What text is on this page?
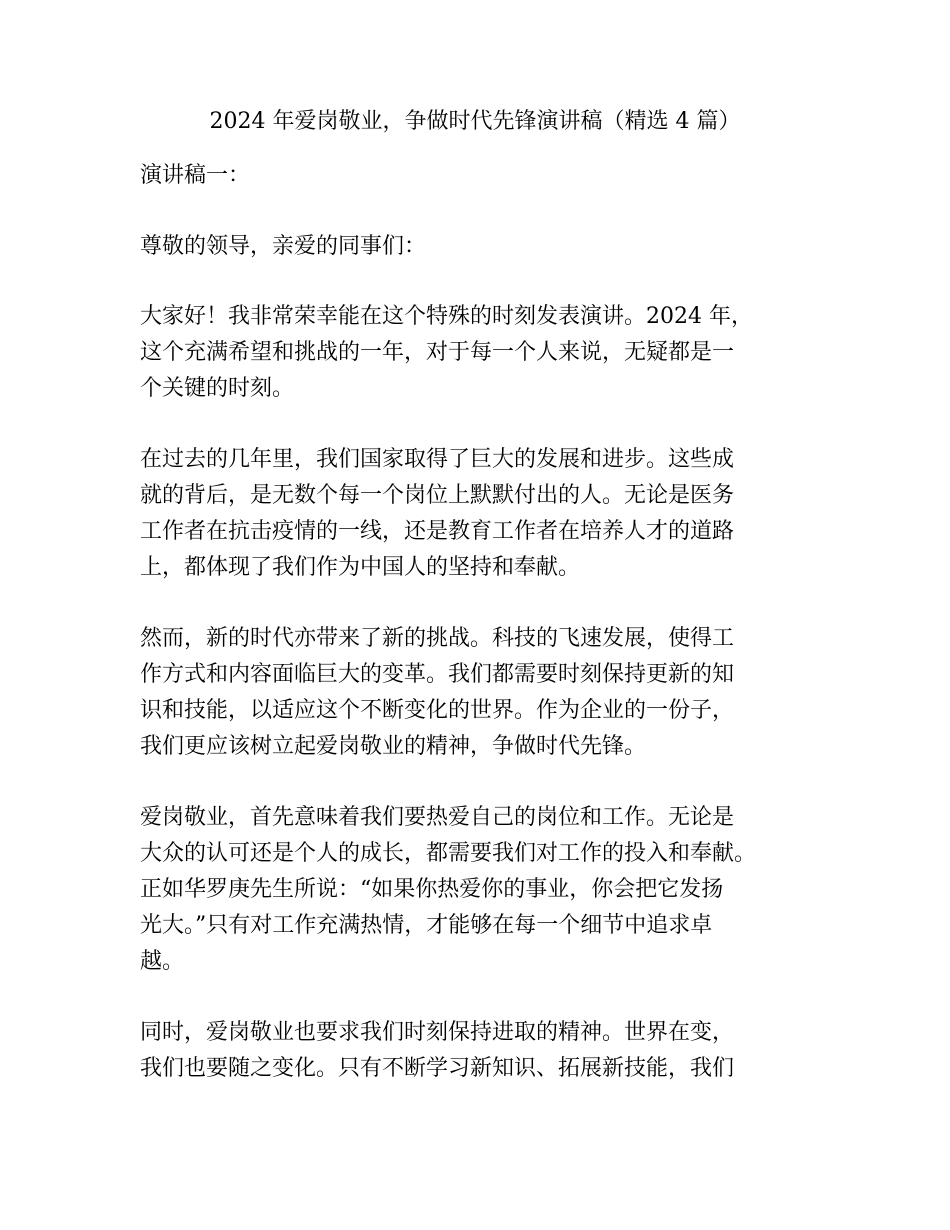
2024 年爱岗敬业，争做时代先锋演讲稿（精选 4 篇）
演讲稿一：
尊敬的领导，亲爱的同事们：
大家好！我非常荣幸能在这个特殊的时刻发表演讲。2024 年，
这个充满希望和挑战的一年，对于每一个人来说，无疑都是一
个关键的时刻。
在过去的几年里，我们国家取得了巨大的发展和进步。这些成
就的背后，是无数个每一个岗位上默默付出的人。无论是医务
工作者在抗击疫情的一线，还是教育工作者在培养人才的道路
上，都体现了我们作为中国人的坚持和奉献。
然而，新的时代亦带来了新的挑战。科技的飞速发展，使得工
作方式和内容面临巨大的变革。我们都需要时刻保持更新的知
识和技能，以适应这个不断变化的世界。作为企业的一份子，
我们更应该树立起爱岗敬业的精神，争做时代先锋。
爱岗敬业，首先意味着我们要热爱自己的岗位和工作。无论是
大众的认可还是个人的成长，都需要我们对工作的投入和奉献。
正如华罗庚先生所说：“如果你热爱你的事业，你会把它发扬
光大。”只有对工作充满热情，才能够在每一个细节中追求卓
越。
同时，爱岗敬业也要求我们时刻保持进取的精神。世界在变，
我们也要随之变化。只有不断学习新知识、拓展新技能，我们
